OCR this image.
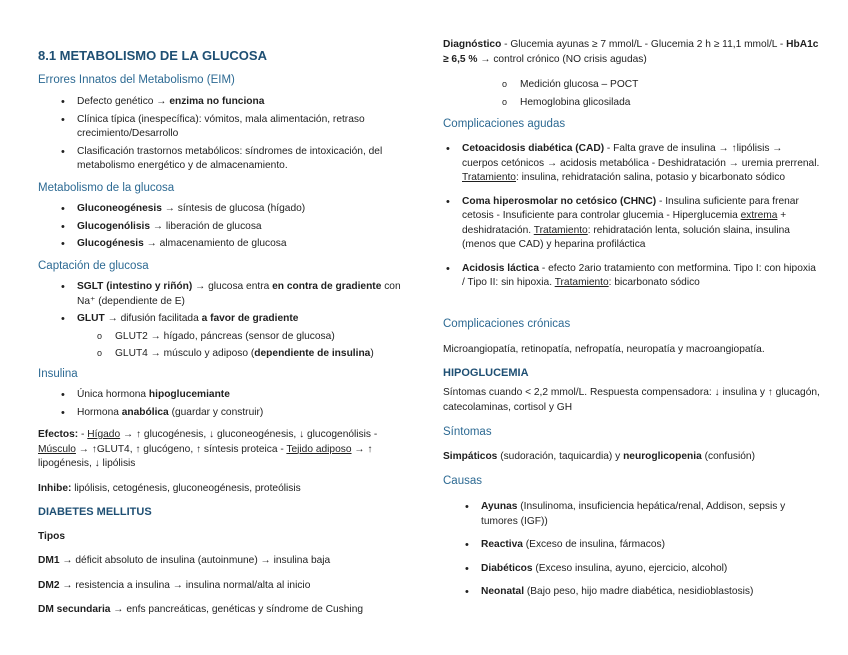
8.1 METABOLISMO DE LA GLUCOSA
Errores Innatos del Metabolismo (EIM)
• Defecto genético → enzima no funciona
• Clínica típica (inespecífica): vómitos, mala alimentación, retraso crecimiento/Desarrollo
• Clasificación trastornos metabólicos: síndromes de intoxicación, del metabolismo energético y de almacenamiento.
Metabolismo de la glucosa
• Gluconeogénesis → síntesis de glucosa (hígado)
• Glucogenólisis → liberación de glucosa
• Glucogénesis → almacenamiento de glucosa
Captación de glucosa
• SGLT (intestino y riñón) → glucosa entra en contra de gradiente con Na⁺ (dependiente de E)
• GLUT → difusión facilitada a favor de gradiente
o GLUT2 → hígado, páncreas (sensor de glucosa)
o GLUT4 → músculo y adiposo (dependiente de insulina)
Insulina
• Única hormona hipoglucemiante
• Hormona anabólica (guardar y construir)

Efectos: - Hígado → ↑ glucogénesis, ↓ gluconeogénesis, ↓ glucogenólisis - Músculo → ↑GLUT4, ↑ glucógeno, ↑ síntesis proteica - Tejido adiposo → ↑ lipogénesis, ↓ lipólisis

Inhibe: lipólisis, cetogénesis, gluconeogénesis, proteólisis

DIABETES MELLITUS

Tipos

DM1 → déficit absoluto de insulina (autoinmune) → insulina baja

DM2 → resistencia a insulina → insulina normal/alta al inicio

DM secundaria → enfs pancreáticas, genéticas y síndrome de Cushing

Diagnóstico - Glucemia ayunas ≥ 7 mmol/L - Glucemia 2 h ≥ 11,1 mmol/L - HbA1c ≥ 6,5 % → control crónico (NO crisis agudas)

o Medición glucosa – POCT
o Hemoglobina glicosilada
Complicaciones agudas
• Cetoacidosis diabética (CAD) - Falta grave de insulina → ↑lipólisis → cuerpos cetónicos → acidosis metabólica - Deshidratación → uremia prerrenal. Tratamiento: insulina, rehidratación salina, potasio y bicarbonato sódico
• Coma hiperosmolar no cetósico (CHNC) - Insulina suficiente para frenar cetosis - Insuficiente para controlar glucemia - Hiperglucemia extrema + deshidratación. Tratamiento: rehidratación lenta, solución slaina, insulina (menos que CAD) y heparina profiláctica
• Acidosis láctica - efecto 2ario tratamiento con metformina. Tipo I: con hipoxia / Tipo II: sin hipoxia. Tratamiento: bicarbonato sódico
Complicaciones crónicas

Microangiopatía, retinopatía, nefropatía, neuropatía y macroangiopatía.

HIPOGLUCEMIA

Síntomas cuando < 2,2 mmol/L. Respuesta compensadora: ↓ insulina y ↑ glucagón, catecolaminas, cortisol y GH

Síntomas

Simpáticos (sudoración, taquicardia) y neuroglicopenia (confusión)

Causas
• Ayunas (Insulinoma, insuficiencia hepática/renal, Addison, sepsis y tumores (IGF))
• Reactiva (Exceso de insulina, fármacos)
• Diabéticos (Exceso insulina, ayuno, ejercicio, alcohol)
• Neonatal (Bajo peso, hijo madre diabética, nesidioblastosis)
